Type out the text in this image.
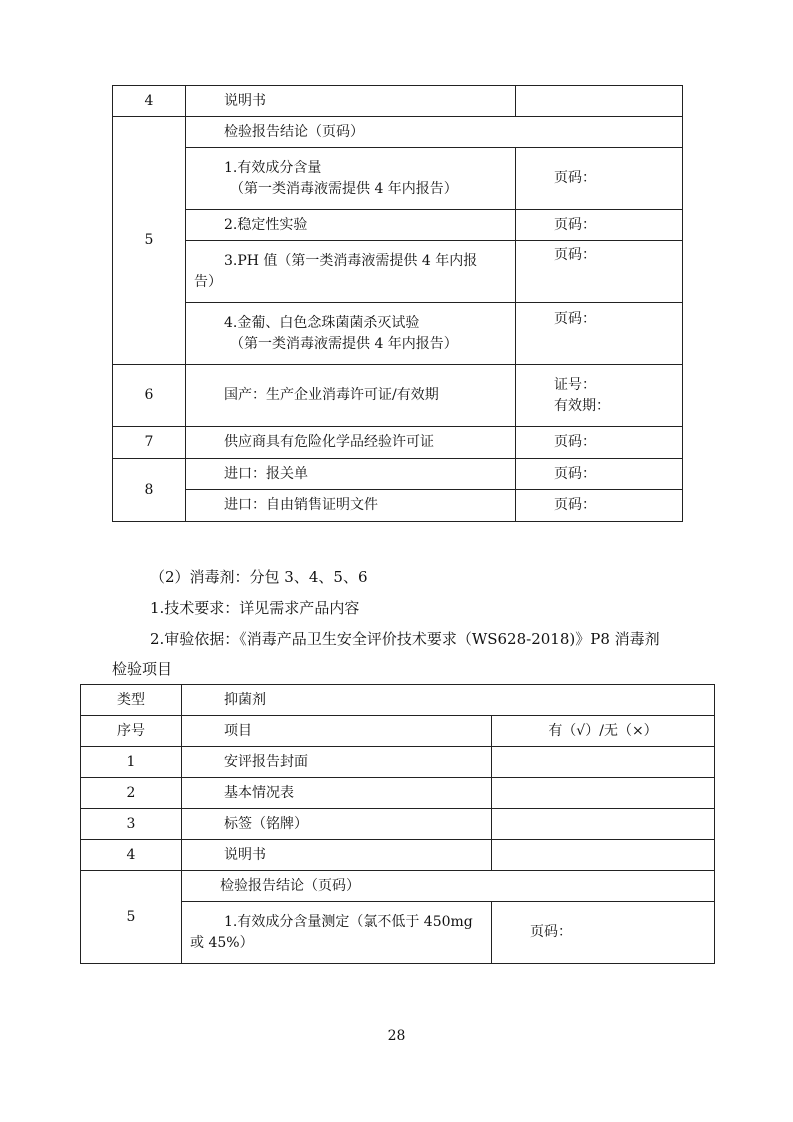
4	说明书	
5	检验报告结论（页码）	
	1.有效成分含量

（第一类消毒液需提供 4 年内报告）	页码：
	2.稳定性实验	页码：
	3.PH 值（第一类消毒液需提供 4 年内报
告）	页码：
	4.金葡、白色念珠菌菌杀灭试验

（第一类消毒液需提供 4 年内报告）	页码：
6	国产：生产企业消毒许可证/有效期	证号：
有效期：
7	供应商具有危险化学品经验许可证	页码：
8	进口：报关单	页码：
	进口：自由销售证明文件	页码：
（2）消毒剂：分包 3、4、5、6
1.技术要求：详见需求产品内容
2.审验依据：《消毒产品卫生安全评价技术要求（WS628-2018)》P8 消毒剂
检验项目
类型	抑菌剂	
序号	项目	有（√）/无（×）
1	安评报告封面	
2	基本情况表	
3	标签（铭牌）	
4	说明书	
5	检验报告结论（页码）	
	1.有效成分含量测定（氯不低于 450mg
或 45%）	页码：
28
